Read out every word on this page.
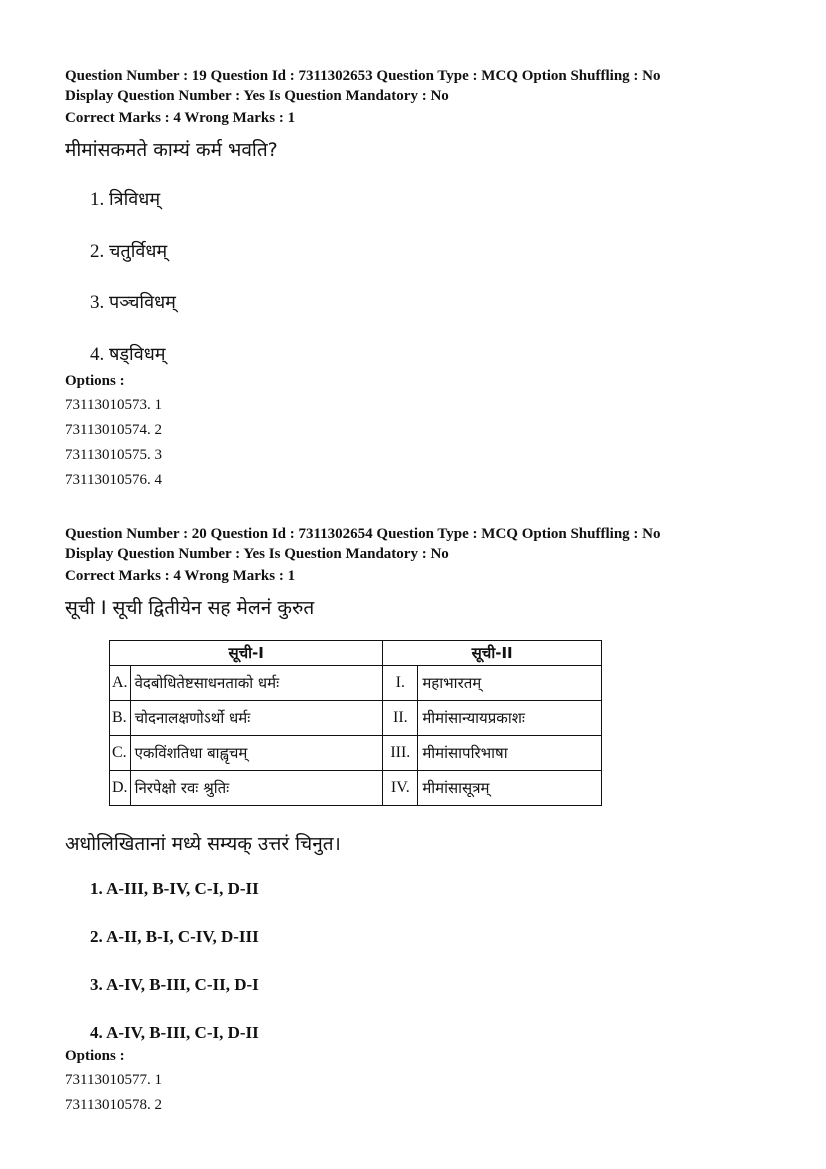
Question Number : 19 Question Id : 7311302653 Question Type : MCQ Option Shuffling : No
Display Question Number : Yes Is Question Mandatory : No
Correct Marks : 4 Wrong Marks : 1
मीमांसकमते काम्यं कर्म भवति?
1. त्रिविधम्
2. चतुर्विधम्
3. पञ्चविधम्
4. षड्विधम्
Options :
73113010573. 1
73113010574. 2
73113010575. 3
73113010576. 4
Question Number : 20 Question Id : 7311302654 Question Type : MCQ Option Shuffling : No
Display Question Number : Yes Is Question Mandatory : No
Correct Marks : 4 Wrong Marks : 1
सूची I सूची द्वितीयेन सह मेलनं कुरुत
सूची-I		सूची-II	
A.	वेदबोधितेष्टसाधनताको धर्मः	I.	महाभारतम्
B.	चोदनालक्षणोऽर्थो धर्मः	II.	मीमांसान्यायप्रकाशः
C.	एकविंशतिधा बाह्वृचम्	III.	मीमांसापरिभाषा
D.	निरपेक्षो रवः श्रुतिः	IV.	मीमांसासूत्रम्
अधोलिखितानां मध्ये सम्यक् उत्तरं चिनुत।
1. A-III, B-IV, C-I, D-II
2. A-II, B-I, C-IV, D-III
3. A-IV, B-III, C-II, D-I
4. A-IV, B-III, C-I, D-II
Options :
73113010577. 1
73113010578. 2
